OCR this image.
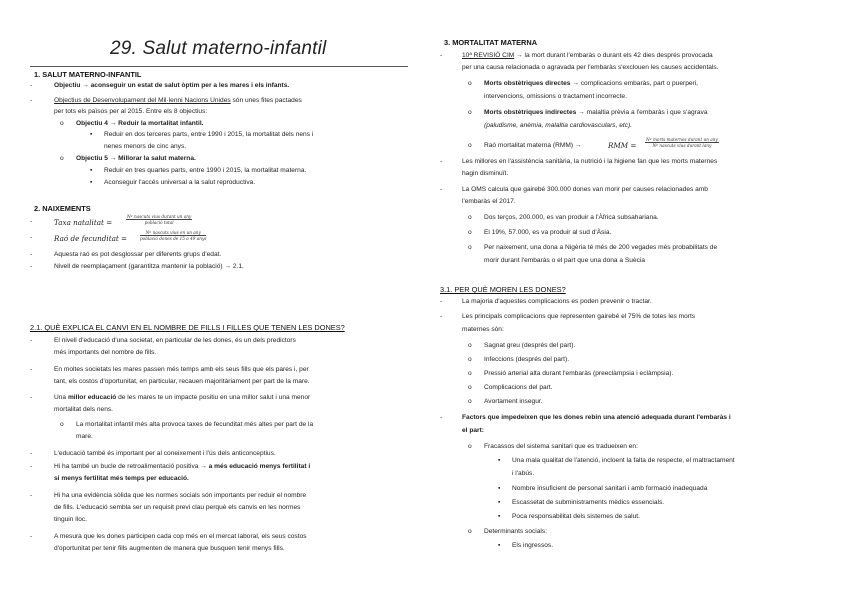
29. Salut materno-infantil
1. SALUT MATERNO-INFANTIL
-	Objectiu → aconseguir un estat de salut òptim per a les mares i els infants.
-	Objectius de Desenvolupament del Mil·lenni Nacions Unides són unes fites pactades
per tots els països per al 2015. Entre els 8 objectius:
o Objectiu 4 → Reduir la mortalitat infantil.
▪ Reduir en dos terceres parts, entre 1990 i 2015, la mortalitat dels nens i
nenes menors de cinc anys.
o Objectiu 5 → Millorar la salut materna.
▪ Reduir en tres quartes parts, entre 1990 i 2015, la mortalitat materna.
▪ Aconseguir l'accés universal a la salut reproductiva.
2. NAIXEMENTS
-	Taxa natalitat =
Nº nascuts vius durant un any
població total
-	Raó de fecunditat =
Nº nascuts vius en un any
població dones de 15 a 49 anys
-	Aquesta raó es pot desglossar per diferents grups d'edat.
-	Nivell de reemplaçament (garantitza mantenir la població) → 2.1.
2.1. QUÈ EXPLICA EL CANVI EN EL NOMBRE DE FILLS I FILLES QUE TENEN LES DONES?
-	El nivell d'educació d'una societat, en particular de les dones, és un dels predictors
més importants del nombre de fills.
-	En moltes societats les mares passen més temps amb els seus fills que els pares i, per
tant, els costos d'oportunitat, en particular, recauen majoritàriament per part de la mare.
-	Una millor educació de les mares te un impacte positiu en una millor salut i una menor
mortalitat dels nens.
o La mortalitat infantil més alta provoca taxes de fecunditat més altes per part de la
mare.
-	L'educació també és important per al coneixement i l'ús dels anticonceptius.
-	Hi ha també un bucle de retroalimentació positiva → a més educació menys fertilitat i
si menys fertilitat més temps per educació.
-	Hi ha una evidència sòlida que les normes socials són importants per reduir el nombre
de fills. L'educació sembla ser un requisit previ clau perquè els canvis en les normes
tinguin lloc.
-	A mesura que les dones participen cada cop més en el mercat laboral, els seus costos
d'oportunitat per tenir fills augmenten de manera que busquen tenir menys fills.
3. MORTALITAT MATERNA
-	10ª REVISIÓ CIM → la mort durant l'embaràs o durant els 42 dies després provocada
per una causa relacionada o agravada per l'embaràs s'exclouen les causes accidentals.
o Morts obstètriques directes → complicacions embaràs, part o puerperi,
intervencions, omissions o tractament incorrecte.
o Morts obstètriques indirectes → malaltia prèvia a l'embaràs i que s'agrava
(paludisme, anèmia, malaltia cardiovasculars, etc).
o Raó mortalitat materna (RMM) →	RMM =
Nº morts maternes durant un any
Nº nascuts vius durant lany
-	Les millores en l'assistència sanitària, la nutrició i la higiene fan que les morts maternes
hagin disminuït.
-	La OMS calcula que gairebé 300.000 dones van morir per causes relacionades amb
l'embaràs el 2017.
o Dos terços, 200.000, es van produir a l'Àfrica subsahariana.
o El 19%, 57.000, es va produir al sud d'Àsia.
o Per naixement, una dona a Nigèria té més de 200 vegades més probabilitats de
morir durant l'embaràs o el part que una dona a Suècia
3.1. PER QUÈ MOREN LES DONES?
-	La majoria d'aquestes complicacions es poden prevenir o tractar.
-	Les principals complicacions que representen gairebé el 75% de totes les morts
maternes són:
o Sagnat greu (després del part).
o Infeccions (després del part).
o Pressió arterial alta durant l'embaràs (preeclàmpsia i eclàmpsia).
o Complicacions del part.
o Avortament insegur.
-	Factors que impedeixen que les dones rebin una atenció adequada durant l'embaràs i
el part:
o Fracassos del sistema sanitari que es tradueixen en:
▪ Una mala qualitat de l'atenció, incloent la falta de respecte, el maltractament
i l'abús.
▪ Nombre insuficient de personal sanitari i amb formació inadequada
▪ Escassetat de subministraments mèdics essencials.
▪ Poca responsabilitat dels sistemes de salut.
o Determinants socials:
▪ Els ingressos.
